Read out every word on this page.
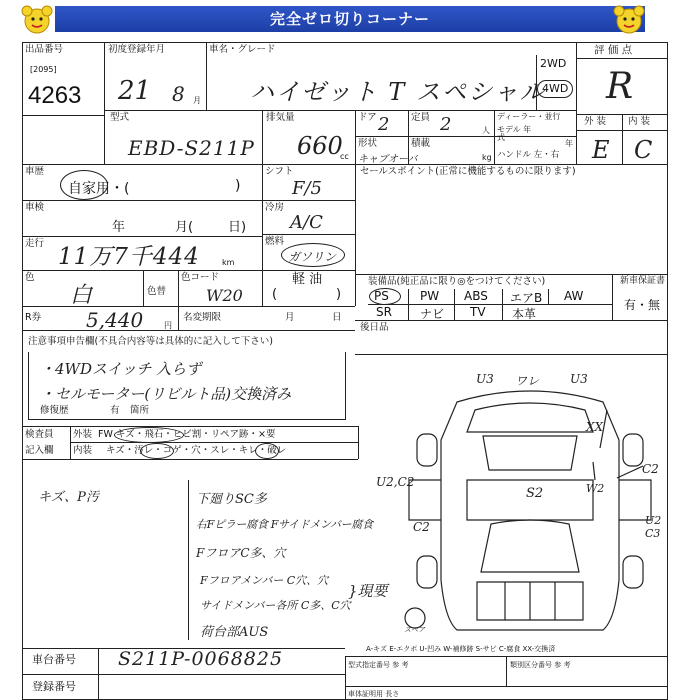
完全ゼロ切りコーナー
出品番号
[2095]
4263
初度登録年月
21 8 月
車名・グレード
ハイゼット T スペシャル
2WD
4WD
評 価 点
R
外 装 内 装
E C
型式
EBD-S211P
排気量
660
cc
ドア 2 定員 2	人
ディーラー・並行
モデル 年式
年
形状
キャブオーバ
積載
kg ハンドル 左・右
車歴
自家用・(	)
車検
年	月(	日)
走行
11万7千444	km
色
白	色替
色コード
W20
シフト
F/5
冷房
A/C
燃料
ガソリン
軽 油
(	)
セールスポイント(正常に機能するものに限ります)
装備品(純正品に限り◎をつけてください)	新車保証書
有・無
PS	PW ABS エアB AW
SR ナビ TV 本革
後日品
R券 5,440	円
名変期限	月	日
注意事項申告欄(不具合内容等は具体的に記入して下さい)
・4WDスイッチ 入らず
・セルモーター(リビルト品)交換済み
修復歴	有 箇所
検査員
記入欄
外装 FW キズ・飛石・ヒビ割・リペア跡・×要
内装 キズ・汚レ・コゲ・穴・スレ・キレ・破レ
キズ、P汚	下廻りSC多
右Fピラー腐食 Fサイドメンバー腐食
FフロアC多、穴
Fフロアメンバー C穴、穴
サイドメンバー各所 C多、C穴
荷台部AUS
}現要
U3 ワレ	U3
XX
C2
U2,C2
S2	W2
C2	U2 C3
スペア
A-キズ E-エクボ U-凹み W-補修跡 S-サビ C-腐食 XX-交換済
型式指定番号 参 考	類別区分番号 参 考
車体証明用 長さ
車台番号 S211P-0068825
登録番号
